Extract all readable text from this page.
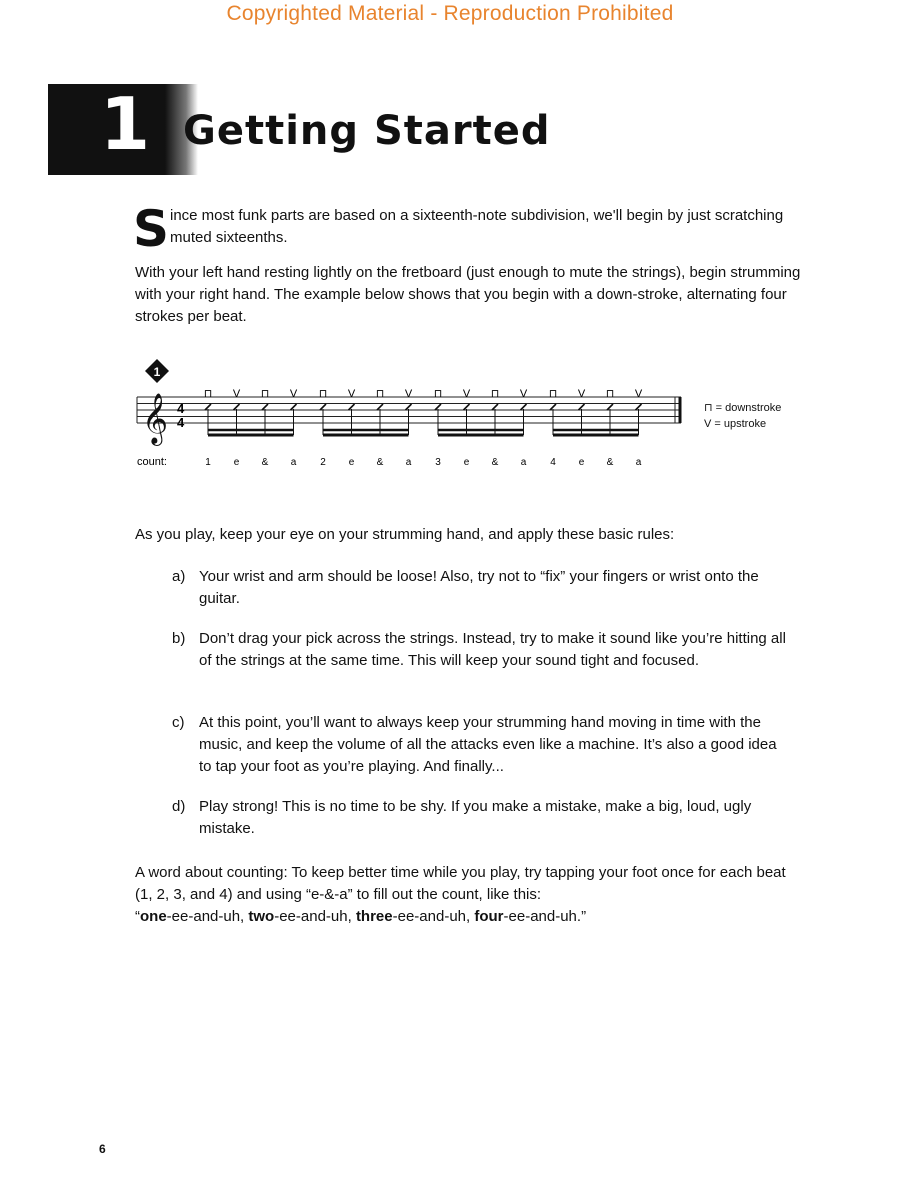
Copyrighted Material - Reproduction Prohibited
1 Getting Started
S ince most funk parts are based on a sixteenth-note subdivision, we'll begin by just scratching muted sixteenths.
With your left hand resting lightly on the fretboard (just enough to mute the strings), begin strumming with your right hand. The example below shows that you begin with a down-stroke, alternating four strokes per beat.
1
𝄞 4
4
⊓ V ⊓ V ⊓ V ⊓ V ⊓ V ⊓ V ⊓ V ⊓ V
count:	1 e & a 2 e & a 3 e & a 4 e & a
⊓ = downstroke
V = upstroke
As you play, keep your eye on your strumming hand, and apply these basic rules:
a) Your wrist and arm should be loose! Also, try not to “fix” your fingers or wrist onto the guitar.
b) Don’t drag your pick across the strings. Instead, try to make it sound like you’re hitting all of the strings at the same time. This will keep your sound tight and focused.
c) At this point, you’ll want to always keep your strumming hand moving in time with the music, and keep the volume of all the attacks even like a machine. It’s also a good idea to tap your foot as you’re playing. And finally...
d) Play strong! This is no time to be shy. If you make a mistake, make a big, loud, ugly mistake.
A word about counting: To keep better time while you play, try tapping your foot once for each beat (1, 2, 3, and 4) and using “e-&-a” to fill out the count, like this:
“one-ee-and-uh, two-ee-and-uh, three-ee-and-uh, four-ee-and-uh.”
6
